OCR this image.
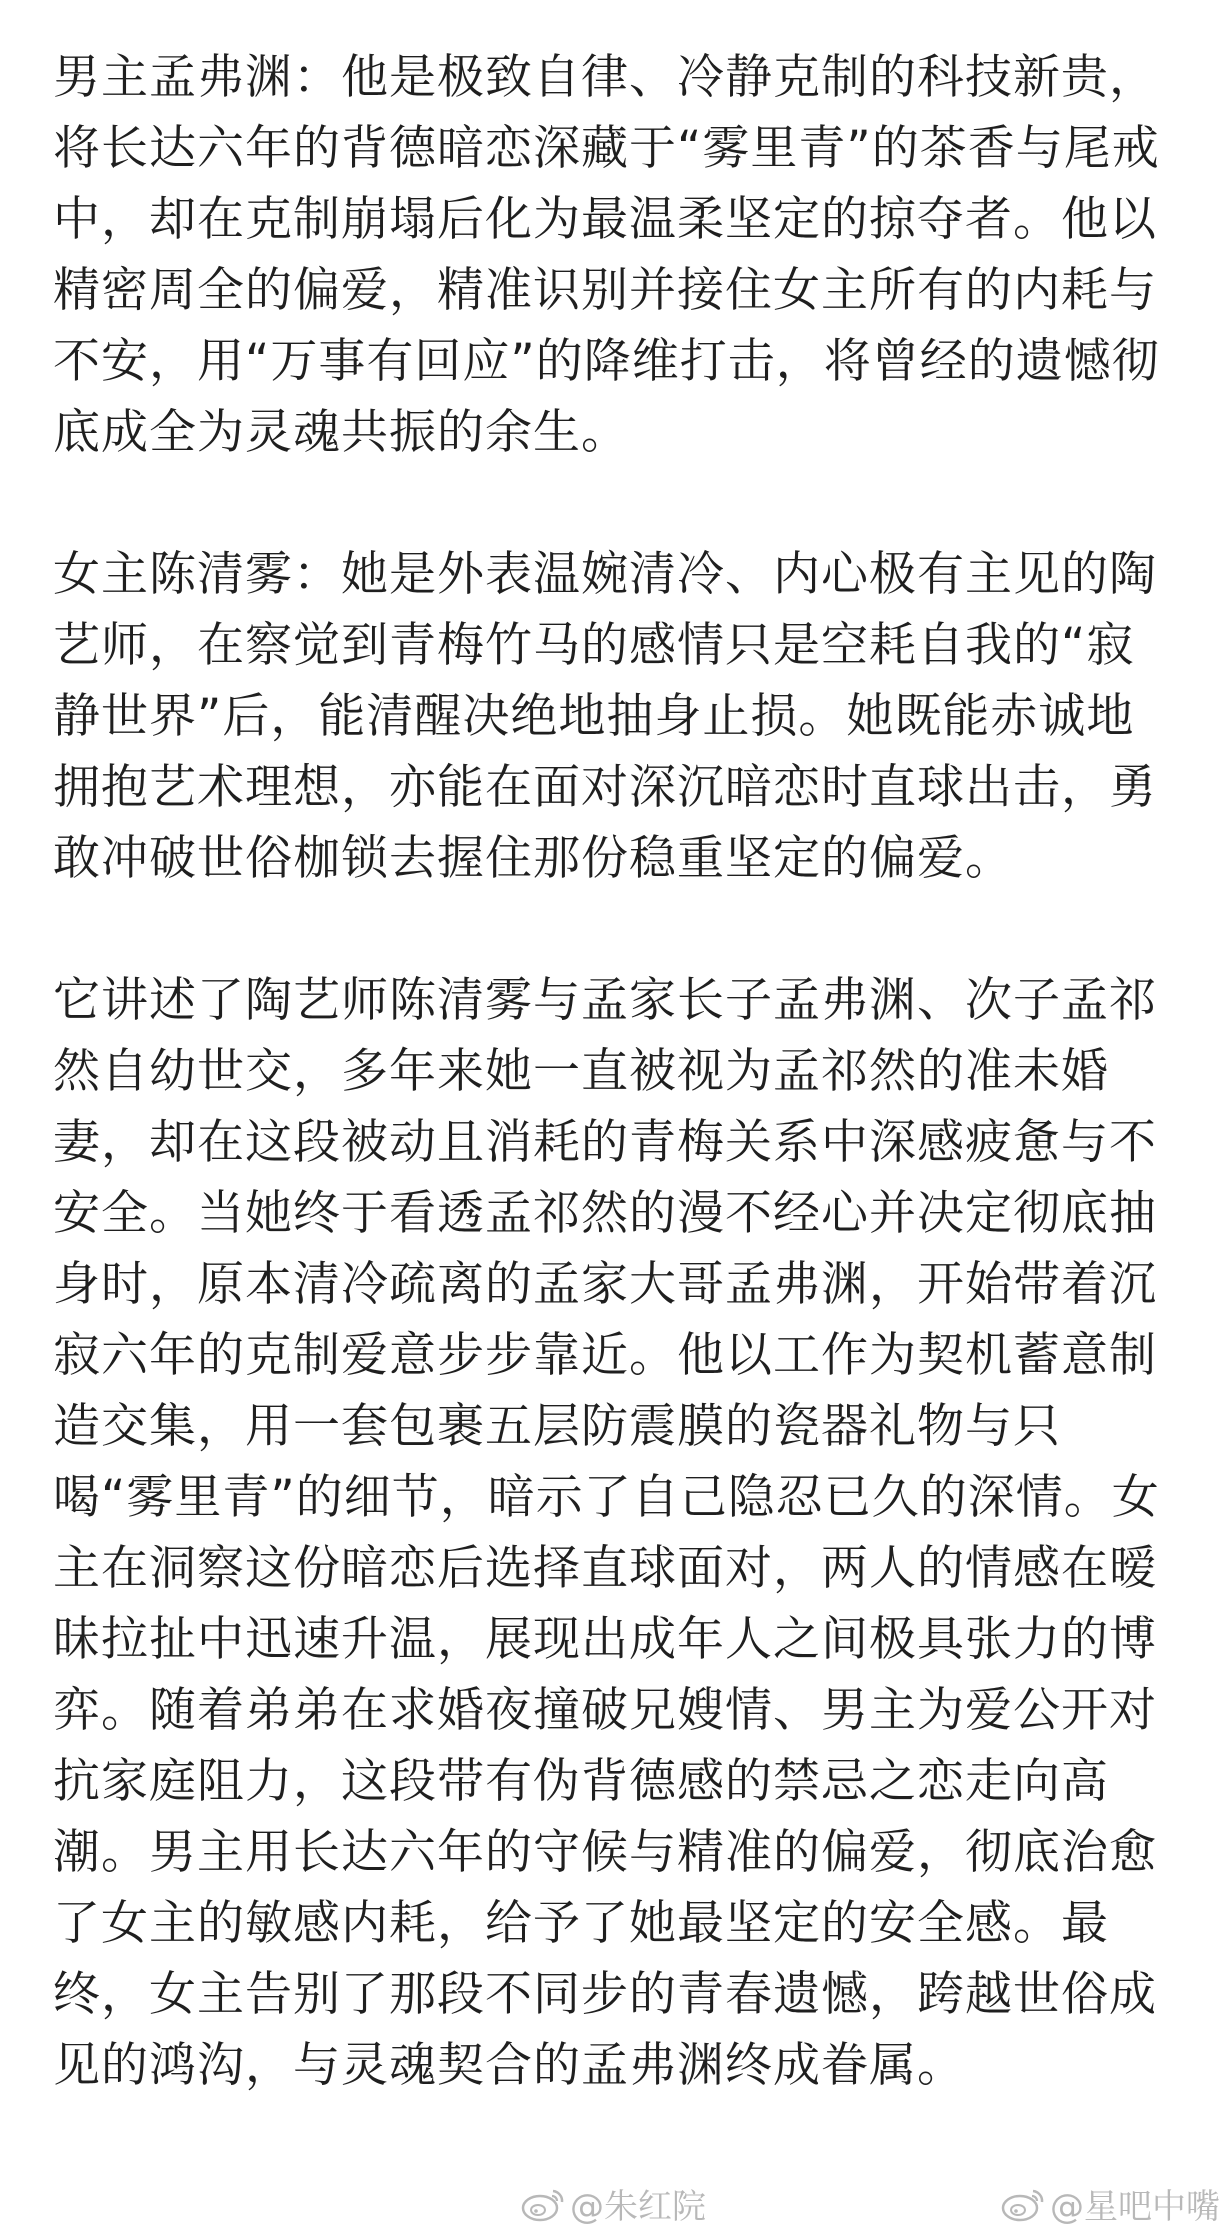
男主孟弗渊：他是极致自律、冷静克制的科技新贵，将长达六年的背德暗恋深藏于“雾里青”的茶香与尾戒中，却在克制崩塌后化为最温柔坚定的掠夺者。他以精密周全的偏爱，精准识别并接住女主所有的内耗与不安，用“万事有回应”的降维打击，将曾经的遗憾彻底成全为灵魂共振的余生。

女主陈清雾：她是外表温婉清冷、内心极有主见的陶艺师，在察觉到青梅竹马的感情只是空耗自我的“寂静世界”后，能清醒决绝地抽身止损。她既能赤诚地拥抱艺术理想，亦能在面对深沉暗恋时直球出击，勇敢冲破世俗枷锁去握住那份稳重坚定的偏爱。

它讲述了陶艺师陈清雾与孟家长子孟弗渊、次子孟祁然自幼世交，多年来她一直被视为孟祁然的准未婚妻，却在这段被动且消耗的青梅关系中深感疲惫与不安全。当她终于看透孟祁然的漫不经心并决定彻底抽身时，原本清冷疏离的孟家大哥孟弗渊，开始带着沉寂六年的克制爱意步步靠近。他以工作为契机蓄意制造交集，用一套包裹五层防震膜的瓷器礼物与只喝“雾里青”的细节，暗示了自己隐忍已久的深情。女主在洞察这份暗恋后选择直球面对，两人的情感在暧昧拉扯中迅速升温，展现出成年人之间极具张力的博弈。随着弟弟在求婚夜撞破兄嫂情、男主为爱公开对抗家庭阻力，这段带有伪背德感的禁忌之恋走向高潮。男主用长达六年的守候与精准的偏爱，彻底治愈了女主的敏感内耗，给予了她最坚定的安全感。最终，女主告别了那段不同步的青春遗憾，跨越世俗成见的鸿沟，与灵魂契合的孟弗渊终成眷属。

@朱红院	@星吧中嘴
